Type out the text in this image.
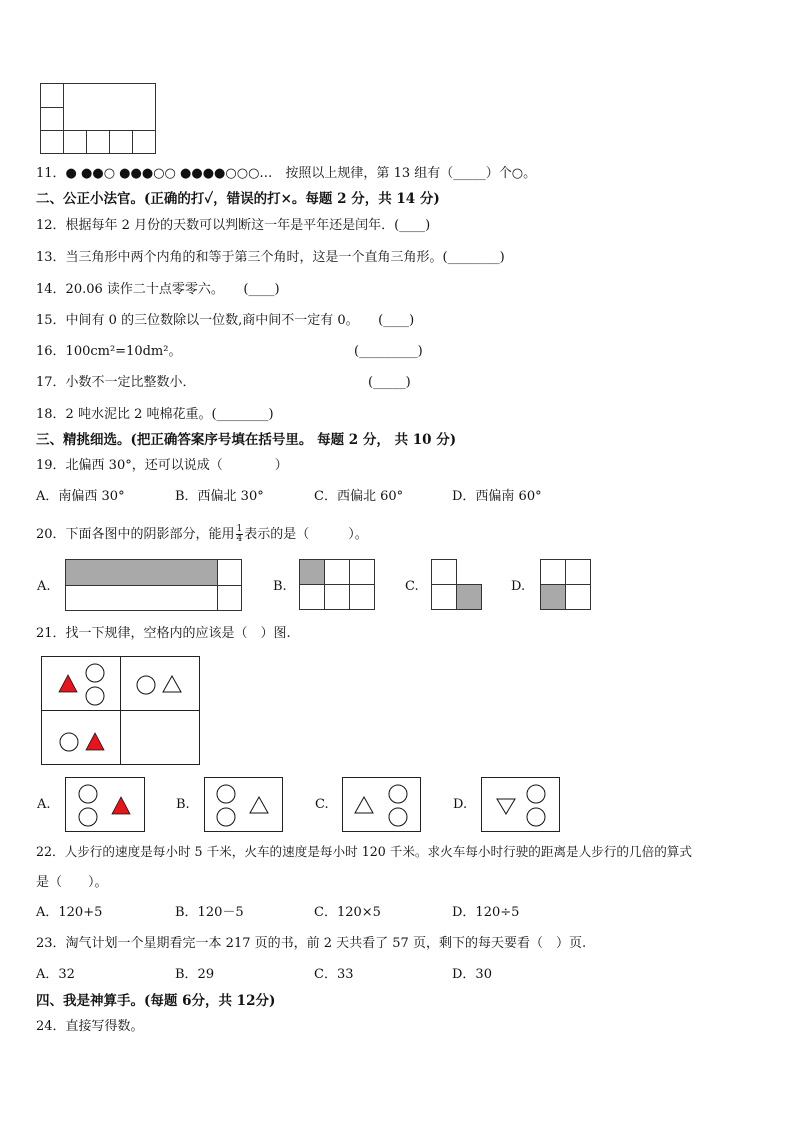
11．● ●●○ ●●●○○ ●●●●○○○…　按照以上规律，第 13 组有（_____）个○。
二、公正小法官。(正确的打✓，错误的打×。每题 2 分，共 14 分)
12．根据每年 2 月份的天数可以判断这一年是平年还是闰年．(____)
13．当三角形中两个内角的和等于第三个角时，这是一个直角三角形。(________)
14．20.06 读作二十点零零六。　　(____)
15．中间有 0 的三位数除以一位数,商中间不一定有 0。　　(____)
16．100cm²=10dm²。	(_________)
17．小数不一定比整数小．	(_____)
18．2 吨水泥比 2 吨棉花重。(________)
三、精挑细选。(把正确答案序号填在括号里。 每题 2 分， 共 10 分)
19．北偏西 30°，还可以说成（　　　　）
A．南偏西 30°	B．西偏北 30°	C．西偏北 60°	D．西偏南 60°
20．下面各图中的阴影部分，能用 $\frac{1}{4}$ 表示的是（　　　）。
A.	B.	C.	D.
21．找一下规律，空格内的应该是（　）图.
A.	B.	C.	D.
22．人步行的速度是每小时 5 千米，火车的速度是每小时 120 千米。求火车每小时行驶的距离是人步行的几倍的算式
是（　　）。
A．120+5	B．120－5	C．120×5	D．120÷5
23．淘气计划一个星期看完一本 217 页的书，前 2 天共看了 57 页，剩下的每天要看（　）页.
A．32	B．29	C．33	D．30
四、我是神算手。(每题 6分，共 12分)
24．直接写得数。
